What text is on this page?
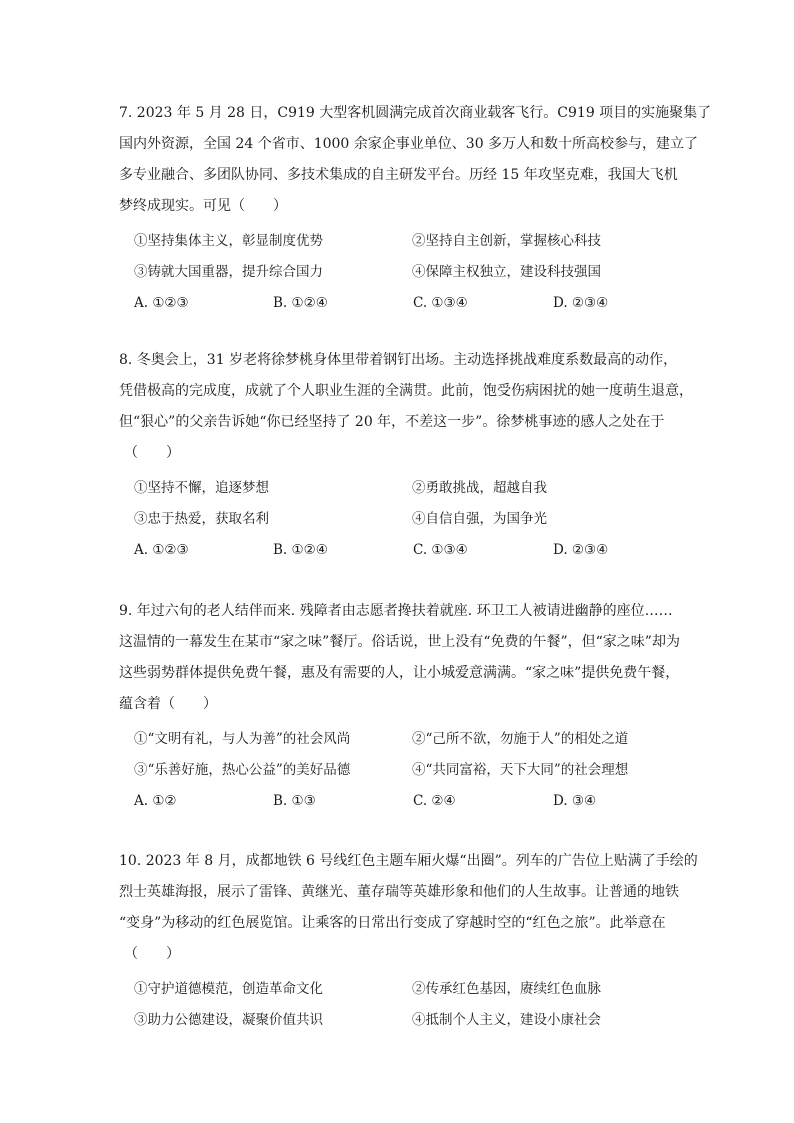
7. 2023 年 5 月 28 日，C919 大型客机圆满完成首次商业载客飞行。C919 项目的实施聚集了
国内外资源，全国 24 个省市、1000 余家企事业单位、30 多万人和数十所高校参与，建立了
多专业融合、多团队协同、多技术集成的自主研发平台。历经 15 年攻坚克难，我国大飞机
梦终成现实。可见（　　）

①坚持集体主义，彰显制度优势	②坚持自主创新，掌握核心科技
③铸就大国重器，提升综合国力	④保障主权独立，建设科技强国
A. ①②③	B. ①②④	C. ①③④	D. ②③④

8. 冬奥会上，31 岁老将徐梦桃身体里带着钢钉出场。主动选择挑战难度系数最高的动作，
凭借极高的完成度，成就了个人职业生涯的全满贯。此前，饱受伤病困扰的她一度萌生退意，
但“狠心”的父亲告诉她“你已经坚持了 20 年，不差这一步”。徐梦桃事迹的感人之处在于
（　　）

①坚持不懈，追逐梦想	②勇敢挑战，超越自我
③忠于热爱，获取名利	④自信自强，为国争光
A. ①②③	B. ①②④	C. ①③④	D. ②③④

9. 年过六旬的老人结伴而来. 残障者由志愿者搀扶着就座. 环卫工人被请进幽静的座位……
这温情的一幕发生在某市“家之味”餐厅。俗话说，世上没有“免费的午餐”，但“家之味”却为
这些弱势群体提供免费午餐，惠及有需要的人，让小城爱意满满。“家之味”提供免费午餐，
蕴含着（　　）

①“文明有礼，与人为善”的社会风尚	②“己所不欲，勿施于人”的相处之道
③“乐善好施，热心公益”的美好品德	④“共同富裕，天下大同”的社会理想
A. ①②	B. ①③	C. ②④	D. ③④

10. 2023 年 8 月，成都地铁 6 号线红色主题车厢火爆“出圈”。列车的广告位上贴满了手绘的
烈士英雄海报，展示了雷锋、黄继光、董存瑞等英雄形象和他们的人生故事。让普通的地铁
“变身”为移动的红色展览馆。让乘客的日常出行变成了穿越时空的“红色之旅”。此举意在
（　　）

①守护道德模范，创造革命文化	②传承红色基因，赓续红色血脉
③助力公德建设，凝聚价值共识	④抵制个人主义，建设小康社会
